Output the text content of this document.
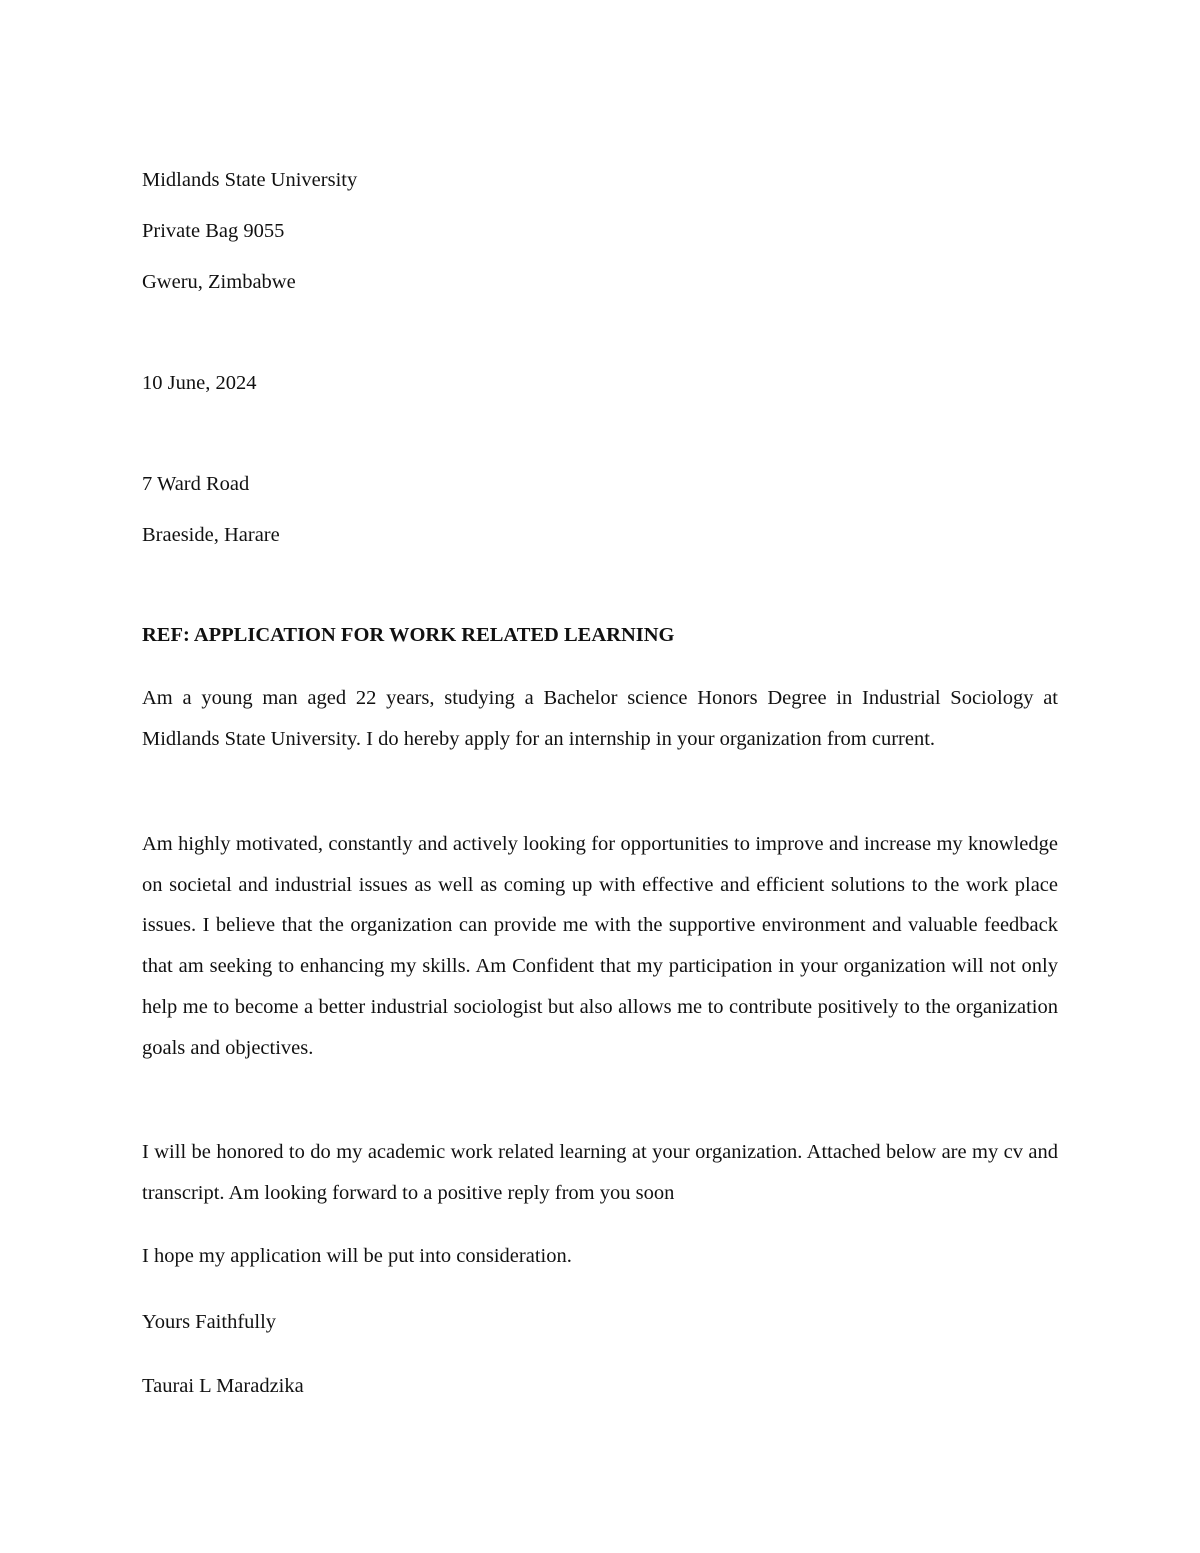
Midlands State University
Private Bag 9055
Gweru, Zimbabwe
10 June, 2024
7 Ward Road
Braeside, Harare
REF: APPLICATION FOR WORK RELATED LEARNING
Am a young man aged 22 years, studying a Bachelor science Honors Degree in Industrial Sociology at Midlands State University. I do hereby apply for an internship in your organization from current.
Am highly motivated, constantly and actively looking for opportunities to improve and increase my knowledge on societal and industrial issues as well as coming up with effective and efficient solutions to the work place issues. I believe that the organization can provide me with the supportive environment and valuable feedback that am seeking to enhancing my skills. Am Confident that my participation in your organization will not only help me to become a better industrial sociologist but also allows me to contribute positively to the organization goals and objectives.
I will be honored to do my academic work related learning at your organization. Attached below are my cv and transcript. Am looking forward to a positive reply from you soon
I hope my application will be put into consideration.
Yours Faithfully
Taurai L Maradzika
